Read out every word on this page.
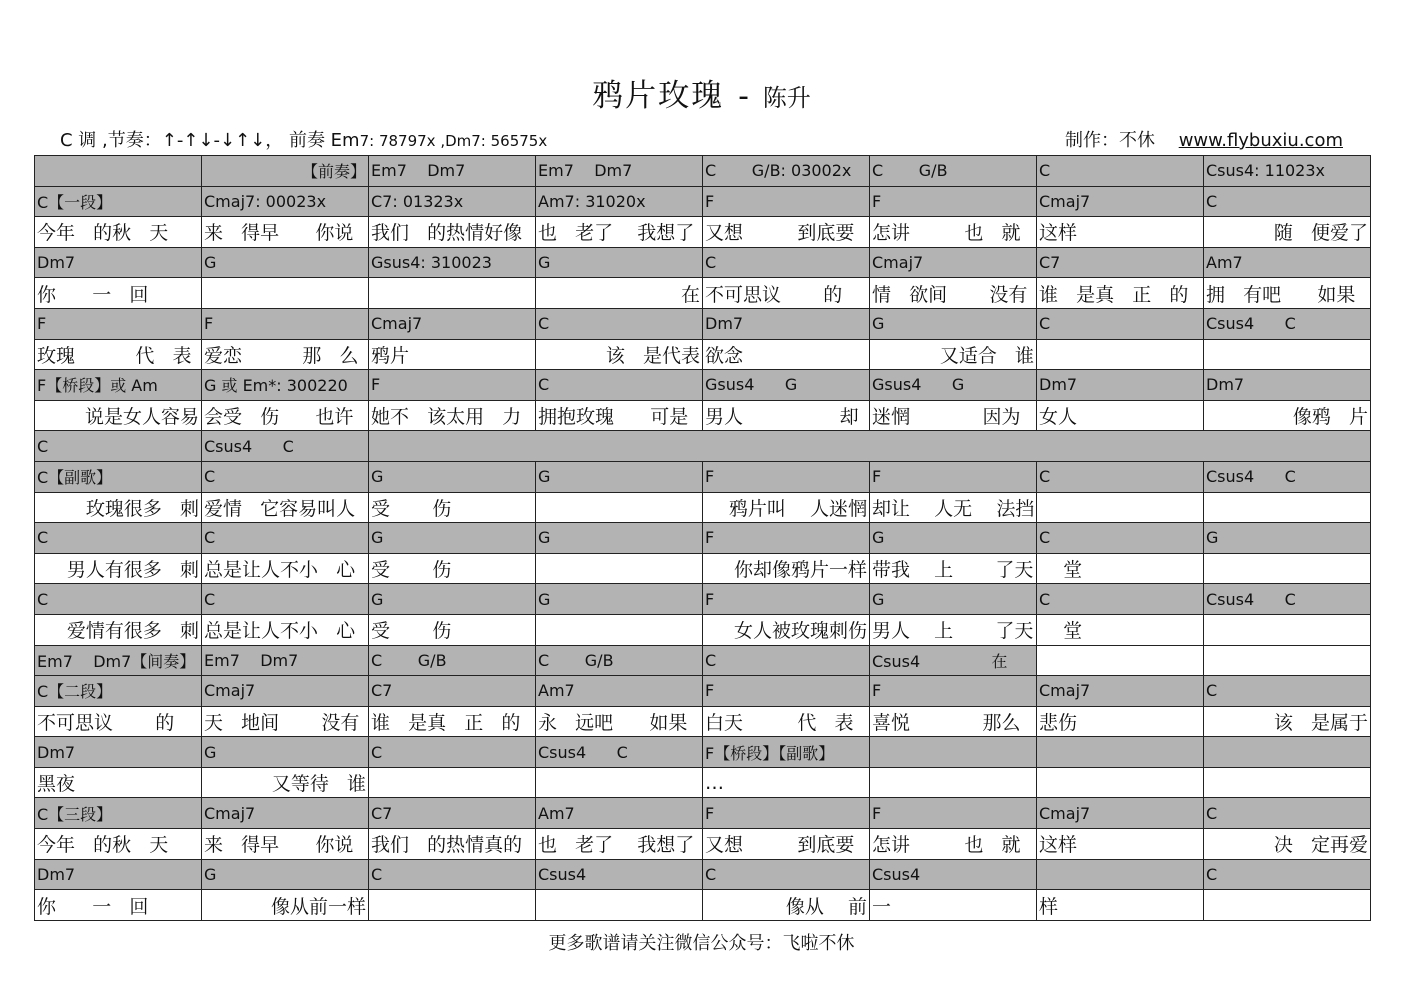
鸦片玫瑰 - 陈升
C 调 ,节奏：↑-↑↓-↓↑↓， 前奏 Em7: 78797x ,Dm7: 56575x	制作：不休 www.flybuxiu.com
	【前奏】	Em7    Dm7	Em7    Dm7	C       G/B: 03002x	C       G/B	C	Csus4: 11023x
C【一段】	Cmaj7: 00023x	C7: 01323x	Am7: 31020x	F	F	Cmaj7	C
今年   的秋   天	来   得早      你说	我们   的热情好像	也   老了    我想了	又想         到底要	怎讲         也   就	这样	随   便爱了
Dm7	G	Gsus4: 310023	G	C	Cmaj7	C7	Am7
你      一   回			在	不可思议       的	情   欲间       没有	谁   是真   正   的	拥   有吧      如果
F	F	Cmaj7	C	Dm7	G	C	Csus4      C
玫瑰          代   表	爱恋          那   么	鸦片	该   是代表	欲念	又适合   谁		
F【桥段】或 Am	G 或 Em*: 300220	F	C	Gsus4      G	Gsus4      G	Dm7	Dm7
说是女人容易	会受   伤      也许	她不   该太用   力	拥抱玫瑰      可是	男人                却	迷惘            因为	女人	像鸦   片
C	Csus4      C						
C【副歌】	C	G	G	F	F	C	Csus4      C
玫瑰很多   刺	爱情   它容易叫人	受       伤		鸦片叫    人迷惘	却让    人无    法挡		
C	C	G	G	F	G	C	G
男人有很多   刺	总是让人不小   心	受       伤		你却像鸦片一样	带我    上       了天	堂	
C	C	G	G	F	G	C	Csus4      C
爱情有很多   刺	总是让人不小   心	受       伤		女人被玫瑰刺伤	男人    上       了天	堂	
Em7    Dm7【间奏】	Em7    Dm7	C       G/B	C       G/B	C	Csus4              在		
C【二段】	Cmaj7	C7	Am7	F	F	Cmaj7	C
不可思议       的	天   地间       没有	谁   是真   正   的	永   远吧      如果	白天         代   表	喜悦            那么	悲伤	该   是属于
Dm7	G	C	Csus4      C	F【桥段】【副歌】			
黑夜	又等待   谁			…			
C【三段】	Cmaj7	C7	Am7	F	F	Cmaj7	C
今年   的秋   天	来   得早      你说	我们   的热情真的	也   老了    我想了	又想         到底要	怎讲         也   就	这样	决   定再爱
Dm7	G	C	Csus4	C	Csus4		C
你      一   回	像从前一样			像从    前	一	样	
更多歌谱请关注微信公众号：飞啦不休
